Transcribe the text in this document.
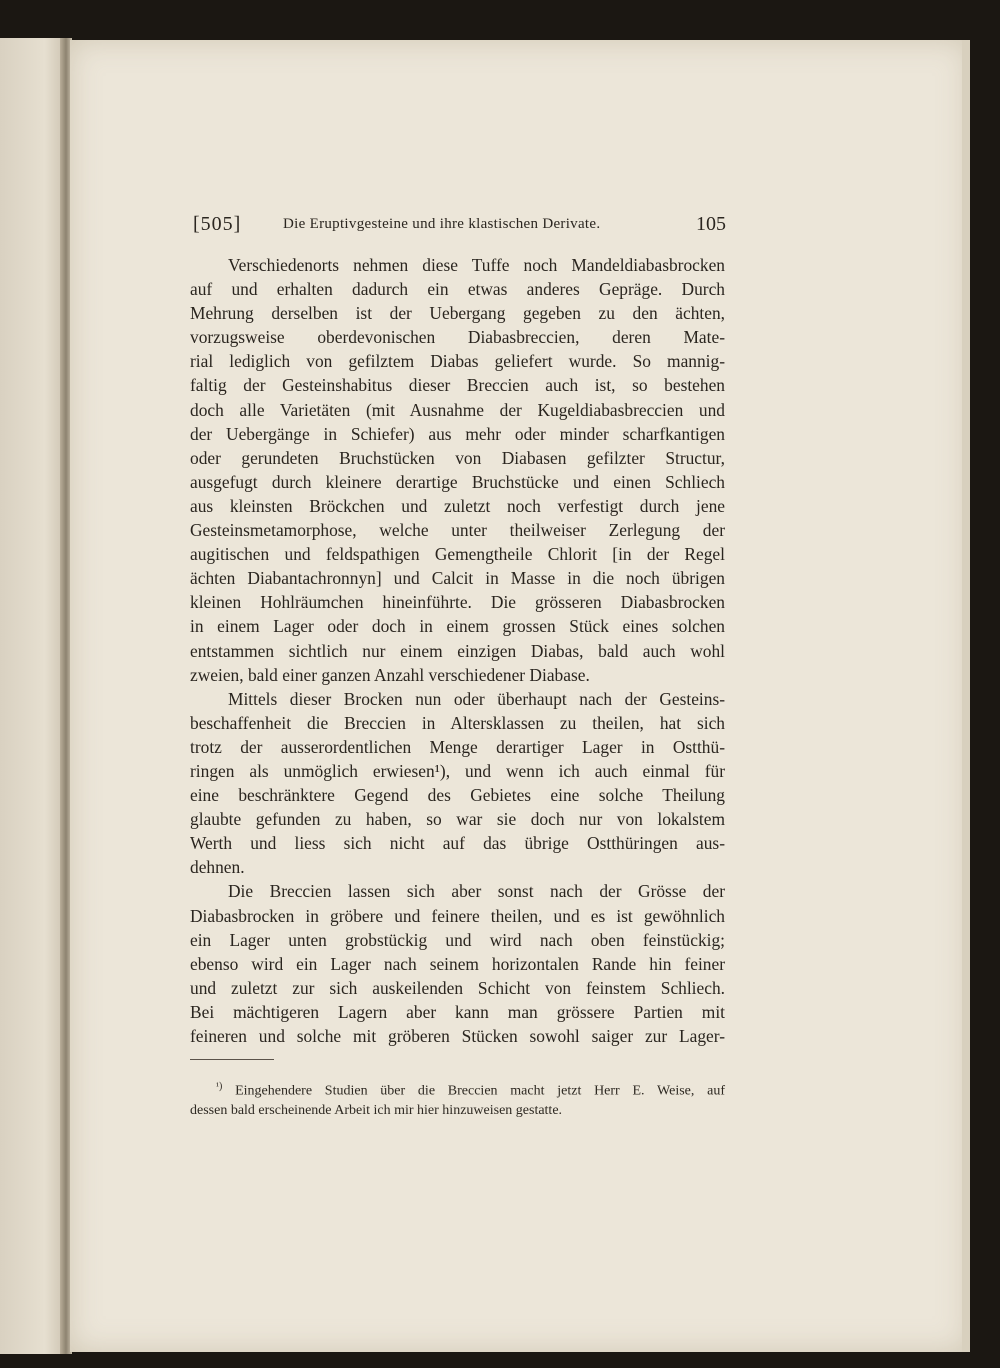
[505]	Die Eruptivgesteine und ihre klastischen Derivate.	105
Verschiedenorts nehmen diese Tuffe noch Mandeldiabasbrocken
auf und erhalten dadurch ein etwas anderes Gepräge. Durch
Mehrung derselben ist der Uebergang gegeben zu den ächten,
vorzugsweise oberdevonischen Diabasbreccien, deren Mate-
rial lediglich von gefilztem Diabas geliefert wurde. So mannig-
faltig der Gesteinshabitus dieser Breccien auch ist, so bestehen
doch alle Varietäten (mit Ausnahme der Kugeldiabasbreccien und
der Uebergänge in Schiefer) aus mehr oder minder scharfkantigen
oder gerundeten Bruchstücken von Diabasen gefilzter Structur,
ausgefugt durch kleinere derartige Bruchstücke und einen Schliech
aus kleinsten Bröckchen und zuletzt noch verfestigt durch jene
Gesteinsmetamorphose, welche unter theilweiser Zerlegung der
augitischen und feldspathigen Gemengtheile Chlorit [in der Regel
ächten Diabantachronnyn] und Calcit in Masse in die noch übrigen
kleinen Hohlräumchen hineinführte. Die grösseren Diabasbrocken
in einem Lager oder doch in einem grossen Stück eines solchen
entstammen sichtlich nur einem einzigen Diabas, bald auch wohl
zweien, bald einer ganzen Anzahl verschiedener Diabase.
Mittels dieser Brocken nun oder überhaupt nach der Gesteins-
beschaffenheit die Breccien in Altersklassen zu theilen, hat sich
trotz der ausserordentlichen Menge derartiger Lager in Ostthü-
ringen als unmöglich erwiesen¹), und wenn ich auch einmal für
eine beschränktere Gegend des Gebietes eine solche Theilung
glaubte gefunden zu haben, so war sie doch nur von lokalstem
Werth und liess sich nicht auf das übrige Ostthüringen aus-
dehnen.
Die Breccien lassen sich aber sonst nach der Grösse der
Diabasbrocken in gröbere und feinere theilen, und es ist gewöhnlich
ein Lager unten grobstückig und wird nach oben feinstückig;
ebenso wird ein Lager nach seinem horizontalen Rande hin feiner
und zuletzt zur sich auskeilenden Schicht von feinstem Schliech.
Bei mächtigeren Lagern aber kann man grössere Partien mit
feineren und solche mit gröberen Stücken sowohl saiger zur Lager-
$^{^1)}$ Eingehendere Studien über die Breccien macht jetzt Herr E. Weise, auf
dessen bald erscheinende Arbeit ich mir hier hinzuweisen gestatte.
